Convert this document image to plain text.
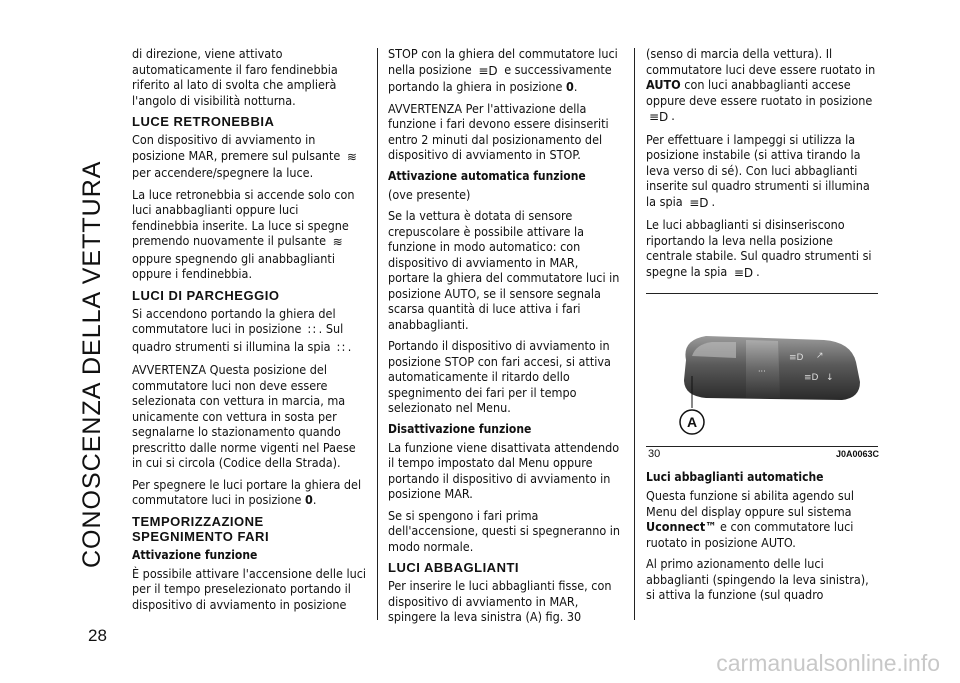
CONOSCENZA DELLA VETTURA
28

di direzione, viene attivato automaticamente il faro fendinebbia riferito al lato di svolta che amplierà l'angolo di visibilità notturna.

LUCE RETRONEBBIA

Con dispositivo di avviamento in posizione MAR, premere sul pulsante ≋ per accendere/spegnere la luce.

La luce retronebbia si accende solo con luci anabbaglianti oppure luci fendinebbia inserite. La luce si spegne premendo nuovamente il pulsante ≋ oppure spegnendo gli anabbaglianti oppure i fendinebbia.

LUCI DI PARCHEGGIO

Si accendono portando la ghiera del commutatore luci in posizione ∷ . Sul quadro strumenti si illumina la spia ∷ .

AVVERTENZA Questa posizione del commutatore luci non deve essere selezionata con vettura in marcia, ma unicamente con vettura in sosta per segnalarne lo stazionamento quando prescritto dalle norme vigenti nel Paese in cui si circola (Codice della Strada).

Per spegnere le luci portare la ghiera del commutatore luci in posizione 0.

TEMPORIZZAZIONE SPEGNIMENTO FARI
Attivazione funzione

È possibile attivare l'accensione delle luci per il tempo preselezionato portando il dispositivo di avviamento in posizione

STOP con la ghiera del commutatore luci nella posizione ≡D e successivamente portando la ghiera in posizione 0.

AVVERTENZA Per l'attivazione della funzione i fari devono essere disinseriti entro 2 minuti dal posizionamento del dispositivo di avviamento in STOP.

Attivazione automatica funzione

(ove presente)

Se la vettura è dotata di sensore crepuscolare è possibile attivare la funzione in modo automatico: con dispositivo di avviamento in MAR, portare la ghiera del commutatore luci in posizione AUTO, se il sensore segnala scarsa quantità di luce attiva i fari anabbaglianti.

Portando il dispositivo di avviamento in posizione STOP con fari accesi, si attiva automaticamente il ritardo dello spegnimento dei fari per il tempo selezionato nel Menu.

Disattivazione funzione

La funzione viene disattivata attendendo il tempo impostato dal Menu oppure portando il dispositivo di avviamento in posizione MAR.

Se si spengono i fari prima dell'accensione, questi si spegneranno in modo normale.

LUCI ABBAGLIANTI

Per inserire le luci abbaglianti fisse, con dispositivo di avviamento in MAR, spingere la leva sinistra (A) fig. 30

(senso di marcia della vettura). Il commutatore luci deve essere ruotato in AUTO con luci anabbaglianti accese oppure deve essere ruotato in posizione ≡D .

Per effettuare i lampeggi si utilizza la posizione instabile (si attiva tirando la leva verso di sé). Con luci abbaglianti inserite sul quadro strumenti si illumina la spia ≡D .

Le luci abbaglianti si disinseriscono riportando la leva nella posizione centrale stabile. Sul quadro strumenti si spegne la spia ≡D .

≡D ↗
≡D ↓
···
A
30	J0A0063C
Luci abbaglianti automatiche

Questa funzione si abilita agendo sul Menu del display oppure sul sistema Uconnect™ e con commutatore luci ruotato in posizione AUTO.

Al primo azionamento delle luci abbaglianti (spingendo la leva sinistra), si attiva la funzione (sul quadro

carmanualsonline.info
